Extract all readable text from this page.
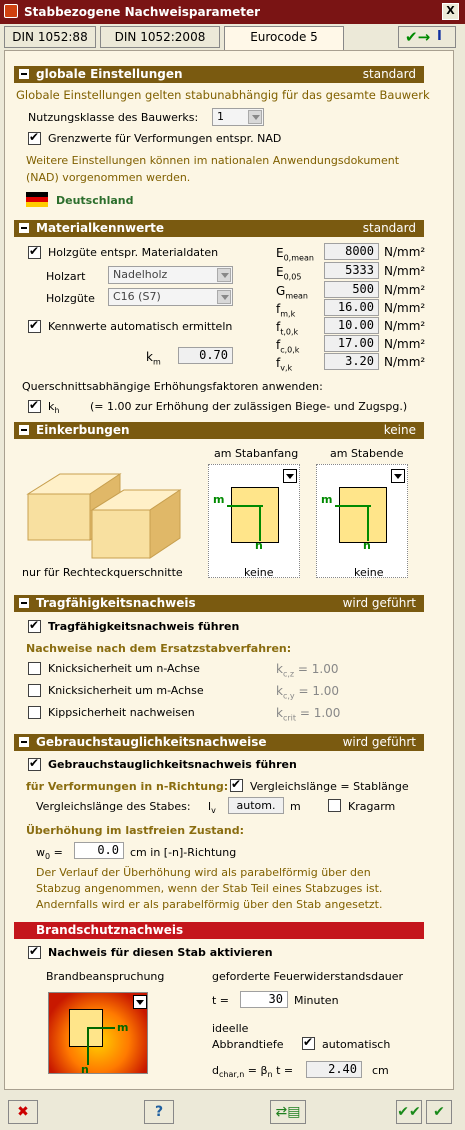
Stabbezogene Nachweisparameter	X
DIN 1052:88	DIN 1052:2008	Eurocode 5	✔→ I
globale Einstellungen	standard
Globale Einstellungen gelten stabunabhängig für das gesamte Bauwerk
Nutzungsklasse des Bauwerks:	1
✔
Grenzwerte für Verformungen entspr. NAD
Weitere Einstellungen können im nationalen Anwendungsdokument
(NAD) vorgenommen werden.
Deutschland
Materialkennwerte	standard
✔
Holzgüte entspr. Materialdaten
Holzart	Nadelholz
Holzgüte	C16 (S7)
✔
Kennwerte automatisch ermitteln
$k_m$	0.70
$E_{0,mean}$	8000 N/mm²
$E_{0,05}$	5333 N/mm²
$G_{mean}$	500 N/mm²
$f_{m,k}$	16.00 N/mm²
$f_{t,0,k}$	10.00 N/mm²
$f_{c,0,k}$	17.00 N/mm²
$f_{v,k}$	3.20 N/mm²
Querschnittsabhängige Erhöhungsfaktoren anwenden:
✔
$k_h$	(= 1.00 zur Erhöhung der zulässigen Biege- und Zugspg.)
Einkerbungen	keine
am Stabanfang	am Stabende
m
n
m
n
nur für Rechteckquerschnitte	keine	keine
Tragfähigkeitsnachweis	wird geführt
✔
Tragfähigkeitsnachweis führen
Nachweise nach dem Ersatzstabverfahren:
Knicksicherheit um n-Achse	$k_{c,z} = 1.00$
Knicksicherheit um m-Achse	$k_{c,y} = 1.00$
Kippsicherheit nachweisen	$k_{crit} = 1.00$
Gebrauchstauglichkeitsnachweise	wird geführt
✔
Gebrauchstauglichkeitsnachweis führen
für Verformungen in n-Richtung: ✔ Vergleichslänge = Stablänge
Vergleichslänge des Stabes: $l_v$	autom.	m	Kragarm
Überhöhung im lastfreien Zustand:
$w_0$ =	0.0	cm in [-n]-Richtung
Der Verlauf der Überhöhung wird als parabelförmig über den
Stabzug angenommen, wenn der Stab Teil eines Stabzuges ist.
Andernfalls wird er als parabelförmig über den Stab angesetzt.
Brandschutznachweis
✔
Nachweis für diesen Stab aktivieren
Brandbeanspruchung
m
n
geforderte Feuerwiderstandsdauer
t =	30	Minuten
ideelle
Abbrandtiefe ✔	automatisch
$d_{char,n} = \beta_n$ t =	2.40	cm
✖	?	⇄▤	✔✔ ✔
